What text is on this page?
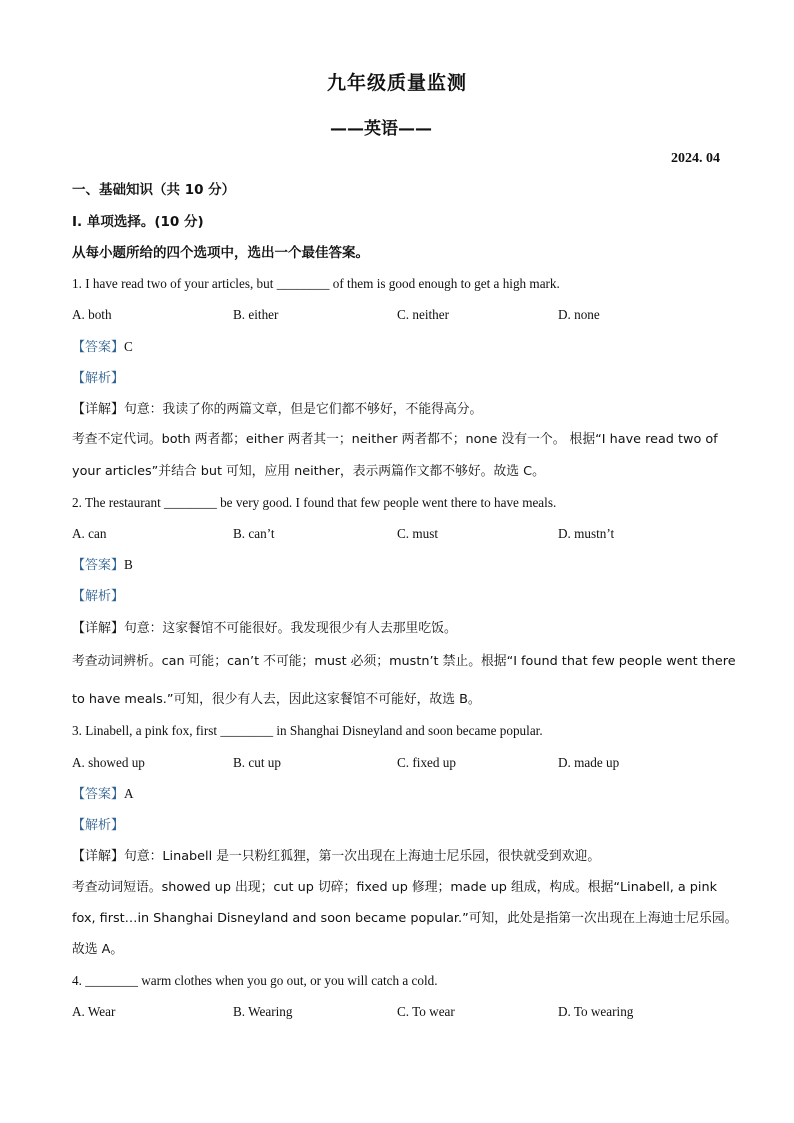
九年级质量监测
——英语——
2024. 04
一、基础知识（共 10 分）
Ⅰ. 单项选择。(10 分)
从每小题所给的四个选项中，选出一个最佳答案。
1. I have read two of your articles, but ________ of them is good enough to get a high mark.
A. both	B. either	C. neither	D. none
【答案】C
【解析】
【详解】句意：我读了你的两篇文章，但是它们都不够好，不能得高分。
考查不定代词。both 两者都；either 两者其一；neither 两者都不；none 没有一个。 根据“I have read two of
your articles”并结合 but 可知，应用 neither，表示两篇作文都不够好。故选 C。
2. The restaurant ________ be very good. I found that few people went there to have meals.
A. can	B. can’t	C. must	D. mustn’t
【答案】B
【解析】
【详解】句意：这家餐馆不可能很好。我发现很少有人去那里吃饭。
考查动词辨析。can 可能；can’t 不可能；must 必须；mustn’t 禁止。根据“I found that few people went there
to have meals.”可知，很少有人去，因此这家餐馆不可能好，故选 B。
3. Linabell, a pink fox, first ________ in Shanghai Disneyland and soon became popular.
A. showed up	B. cut up	C. fixed up	D. made up
【答案】A
【解析】
【详解】句意：Linabell 是一只粉红狐狸，第一次出现在上海迪士尼乐园，很快就受到欢迎。
考查动词短语。showed up 出现；cut up 切碎；fixed up 修理；made up 组成，构成。根据“Linabell, a pink
fox, first…in Shanghai Disneyland and soon became popular.”可知，此处是指第一次出现在上海迪士尼乐园。
故选 A。
4. ________ warm clothes when you go out, or you will catch a cold.
A. Wear	B. Wearing	C. To wear	D. To wearing
